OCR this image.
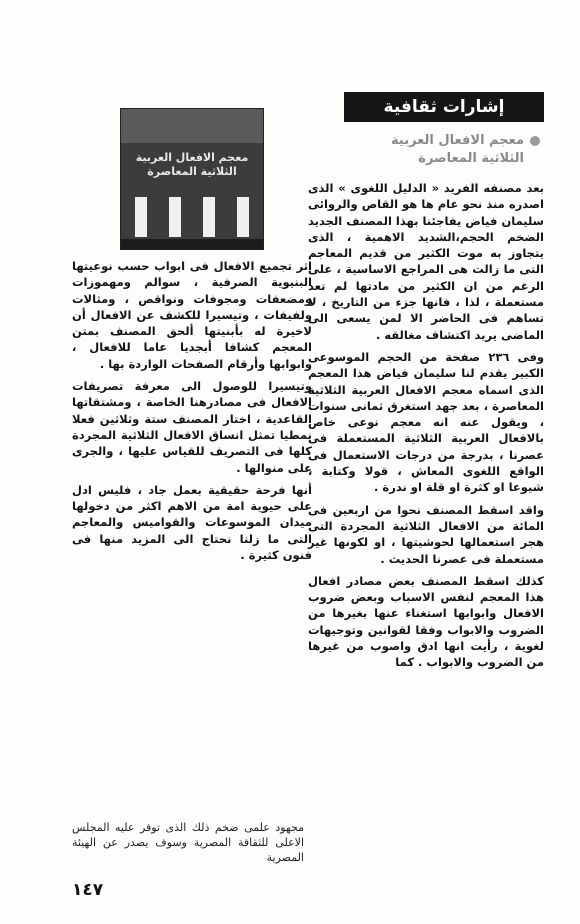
إشارات ثقافية
معجم الافعال العربية
الثلاثية المعاصرة

بعد مصنفه الفريد « الدليل اللغوى » الذى اصدره منذ نحو عام ها هو القاص والروائى سليمان فياض يفاجئنا بهذا المصنف الجديد الضخم الحجم،الشديد الاهمية ، الذى يتجاوز به موت الكثير من قديم المعاجم التى ما زالت هى المراجع الاساسية ، على الرغم من ان الكثير من مادتها لم تعد مستعملة ، لذا ، فانها جزء من التاريخ ، لا تساهم فى الحاضر الا لمن يسعى الى الماضى يريد اكتشاف مغالقه .

وفى ٢٣٦ صفحة من الحجم الموسوعى الكبير يقدم لنا سليمان فياض هذا المعجم الذى اسماه معجم الافعال العربية الثلاثية المعاصرة ، بعد جهد استغرق ثمانى سنوات ، ويقول عنه انه معجم نوعى خاص بالافعال العربية الثلاثية المستعملة فى عصرنا ، بدرجة من درجات الاستعمال فى الواقع اللغوى المعاش ، قولا وكتابة ، شيوعا او كثرة او قلة او ندرة .

واقد اسقط المصنف نحوا من اربعين فى المائة من الافعال الثلاثية المجردة التى هجر استعمالها لحوشيتها ، او لكونها غير مستعملة فى عصرنا الحديث .

كذلك اسقط المصنف بعض مصادر افعال هذا المعجم لنفس الاسباب وبعض ضروب الافعال وابوابها استغناء عنها بغيرها من الضروب والابواب وفقا لقوانين وتوجيهات لغوية ، رأيت انها ادق واصوب من غيرها من الضروب والابواب . كما

معجم الافعال العربية الثلاثية المعاصرة

اثر تجميع الافعال فى ابواب حسب نوعيتها البنيوية الصرفية ، سوالم ومهموزات ومضعفات ومجوفات ونواقص ، ومثالات ولفيفات ، وتيسيرا للكشف عن الافعال أن لاخيرة له بأبنيتها ألحق المصنف بمتن المعجم كشافا أبجديا عاما للافعال ، وابوابها وأرقام الصفحات الواردة بها .

وتيسيرا للوصول الى معرفة تصريفات الافعال فى مصادرهنا الخاصة ، ومشتقاتها القاعدية ، اختار المصنف ستة وثلاثين فعلا نمطيا تمثل انساق الافعال الثلاثية المجردة كلها فى التصريف للقياس عليها ، والجرى على منوالها .

أنها فرحة حقيقية بعمل جاد ، فليس ادل على حيوية امة من الاهم اكثر من دخولها ميدان الموسوعات والقواميس والمعاجم التى ما زلنا نحتاج الى المزيد منها فى فنون كثيرة .

مجهود علمى ضخم ذلك الذى توفر عليه المجلس الاعلى للثقافة المصرية وسوف يصدر عن الهيئة المصرية
١٤٧
